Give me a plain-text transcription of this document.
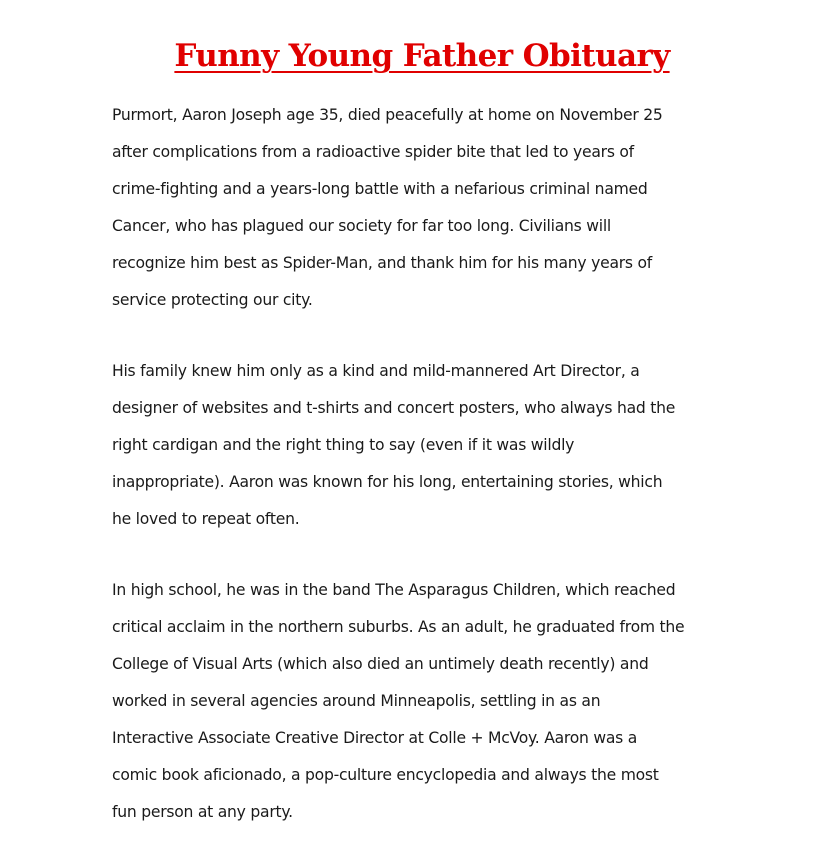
Funny Young Father Obituary
Purmort, Aaron Joseph age 35, died peacefully at home on November 25
after complications from a radioactive spider bite that led to years of
crime-fighting and a years-long battle with a nefarious criminal named
Cancer, who has plagued our society for far too long. Civilians will
recognize him best as Spider-Man, and thank him for his many years of
service protecting our city.
His family knew him only as a kind and mild-mannered Art Director, a
designer of websites and t-shirts and concert posters, who always had the
right cardigan and the right thing to say (even if it was wildly
inappropriate). Aaron was known for his long, entertaining stories, which
he loved to repeat often.
In high school, he was in the band The Asparagus Children, which reached
critical acclaim in the northern suburbs. As an adult, he graduated from the
College of Visual Arts (which also died an untimely death recently) and
worked in several agencies around Minneapolis, settling in as an
Interactive Associate Creative Director at Colle + McVoy. Aaron was a
comic book aficionado, a pop-culture encyclopedia and always the most
fun person at any party.
